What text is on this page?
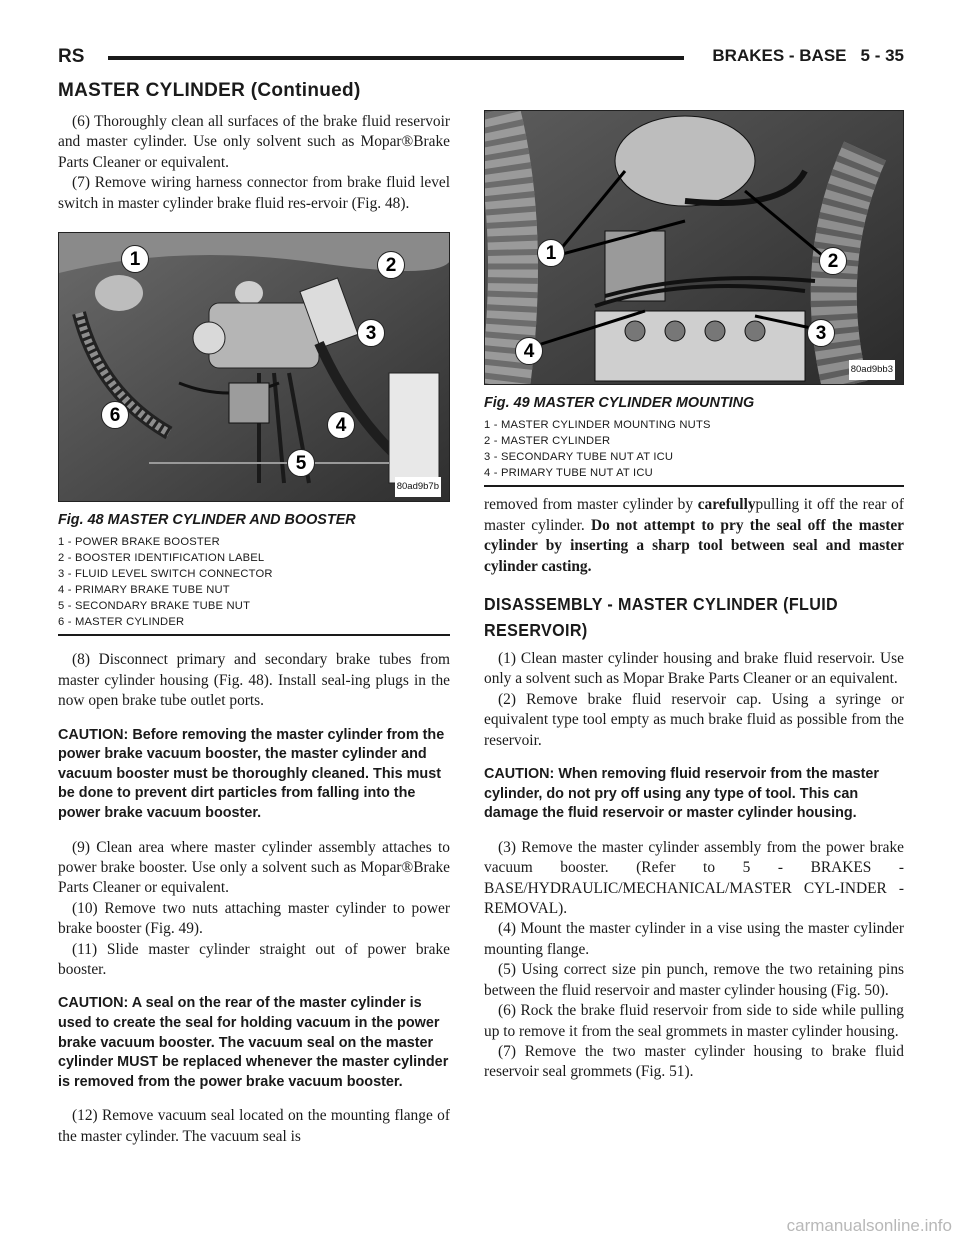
RS	BRAKES - BASE 5 - 35
MASTER CYLINDER (Continued)

(6) Thoroughly clean all surfaces of the brake fluid reservoir and master cylinder. Use only solvent such as Mopar®Brake Parts Cleaner or equivalent.

(7) Remove wiring harness connector from brake fluid level switch in master cylinder brake fluid res-ervoir (Fig. 48).

1	2
3
4
5
6
80ad9b7b
Fig. 48 MASTER CYLINDER AND BOOSTER
1 - POWER BRAKE BOOSTER
2 - BOOSTER IDENTIFICATION LABEL
3 - FLUID LEVEL SWITCH CONNECTOR
4 - PRIMARY BRAKE TUBE NUT
5 - SECONDARY BRAKE TUBE NUT
6 - MASTER CYLINDER

(8) Disconnect primary and secondary brake tubes from master cylinder housing (Fig. 48). Install seal-ing plugs in the now open brake tube outlet ports.

CAUTION: Before removing the master cylinder from the power brake vacuum booster, the master cylinder and vacuum booster must be thoroughly cleaned. This must be done to prevent dirt particles from falling into the power brake vacuum booster.

(9) Clean area where master cylinder assembly attaches to power brake booster. Use only a solvent such as Mopar®Brake Parts Cleaner or equivalent.

(10) Remove two nuts attaching master cylinder to power brake booster (Fig. 49).

(11) Slide master cylinder straight out of power brake booster.

CAUTION: A seal on the rear of the master cylinder is used to create the seal for holding vacuum in the power brake vacuum booster. The vacuum seal on the master cylinder MUST be replaced whenever the master cylinder is removed from the power brake vacuum booster.

(12) Remove vacuum seal located on the mounting flange of the master cylinder. The vacuum seal is

1	2
3
4
80ad9bb3
Fig. 49 MASTER CYLINDER MOUNTING
1 - MASTER CYLINDER MOUNTING NUTS
2 - MASTER CYLINDER
3 - SECONDARY TUBE NUT AT ICU
4 - PRIMARY TUBE NUT AT ICU

removed from master cylinder by carefullypulling it off the rear of master cylinder. Do not attempt to pry the seal off the master cylinder by inserting a sharp tool between seal and master cylinder casting.

DISASSEMBLY - MASTER CYLINDER (FLUID RESERVOIR)

(1) Clean master cylinder housing and brake fluid reservoir. Use only a solvent such as Mopar Brake Parts Cleaner or an equivalent.

(2) Remove brake fluid reservoir cap. Using a syringe or equivalent type tool empty as much brake fluid as possible from the reservoir.

CAUTION: When removing fluid reservoir from the master cylinder, do not pry off using any type of tool. This can damage the fluid reservoir or master cylinder housing.

(3) Remove the master cylinder assembly from the power brake vacuum booster. (Refer to 5 - BRAKES - BASE/HYDRAULIC/MECHANICAL/MASTER CYL-INDER - REMOVAL).

(4) Mount the master cylinder in a vise using the master cylinder mounting flange.

(5) Using correct size pin punch, remove the two retaining pins between the fluid reservoir and master cylinder housing (Fig. 50).

(6) Rock the brake fluid reservoir from side to side while pulling up to remove it from the seal grommets in master cylinder housing.

(7) Remove the two master cylinder housing to brake fluid reservoir seal grommets (Fig. 51).

carmanualsonline.info
